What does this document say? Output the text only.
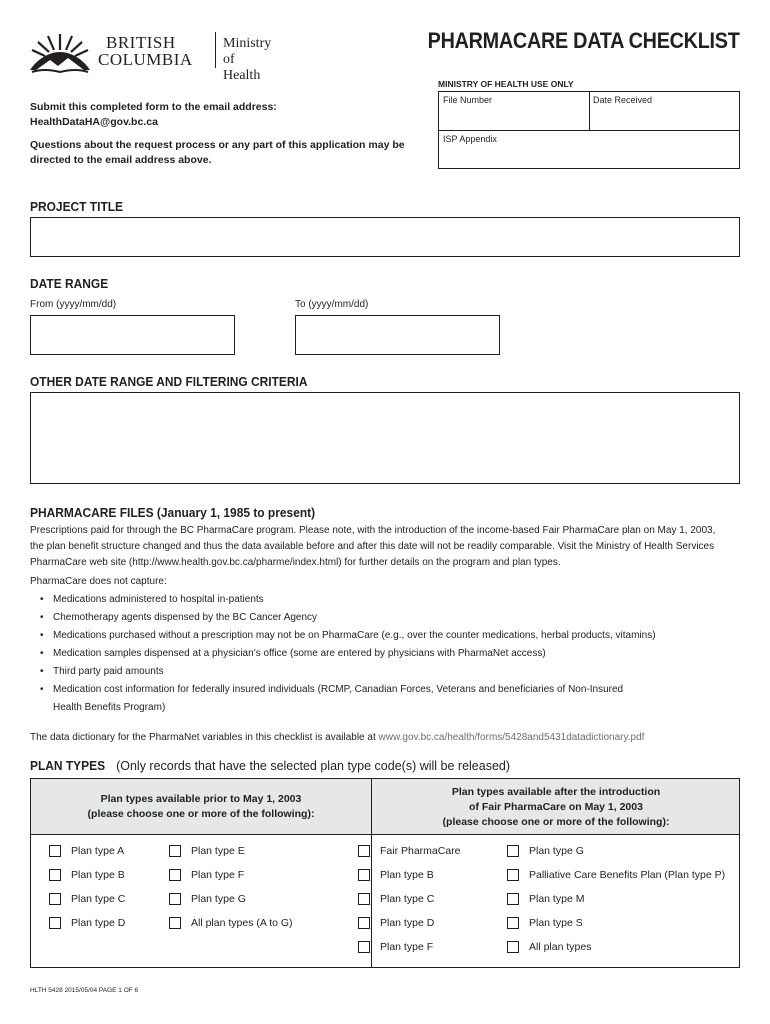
BRITISH
COLUMBIA
Ministry of
Health
PHARMACARE DATA CHECKLIST
MINISTRY OF HEALTH USE ONLY
File Number	Date Received
ISP Appendix

Submit this completed form to the email address:
HealthDataHA@gov.bc.ca

Questions about the request process or any part of this application may be directed to the email address above.

PROJECT TITLE
DATE RANGE
From (yyyy/mm/dd)	To (yyyy/mm/dd)
OTHER DATE RANGE AND FILTERING CRITERIA
PHARMACARE FILES (January 1, 1985 to present)
Prescriptions paid for through the BC PharmaCare program. Please note, with the introduction of the income-based Fair PharmaCare plan on May 1, 2003, the plan benefit structure changed and thus the data available before and after this date will not be readily comparable. Visit the Ministry of Health Services PharmaCare web site (http://www.health.gov.bc.ca/pharme/index.html) for further details on the program and plan types.
PharmaCare does not capture:
• Medications administered to hospital in-patients
• Chemotherapy agents dispensed by the BC Cancer Agency
• Medications purchased without a prescription may not be on PharmaCare (e.g., over the counter medications, herbal products, vitamins)
• Medication samples dispensed at a physician’s office (some are entered by physicians with PharmaNet access)
• Third party paid amounts
• Medication cost information for federally insured individuals (RCMP, Canadian Forces, Veterans and beneficiaries of Non-Insured Health Benefits Program)
The data dictionary for the PharmaNet variables in this checklist is available at www.gov.bc.ca/health/forms/5428and5431datadictionary.pdf
PLAN TYPES (Only records that have the selected plan type code(s) will be released)
Plan types available prior to May 1, 2003
(please choose one or more of the following):
Plan types available after the introduction
of Fair PharmaCare on May 1, 2003
(please choose one or more of the following):
Plan type A
Plan type B
Plan type C
Plan type D
Plan type E
Plan type F
Plan type G
All plan types (A to G)
Fair PharmaCare
Plan type B
Plan type C
Plan type D
Plan type F
Plan type G
Palliative Care Benefits Plan (Plan type P)
Plan type M
Plan type S
All plan types
HLTH 5428 2015/05/04 PAGE 1 OF 6
